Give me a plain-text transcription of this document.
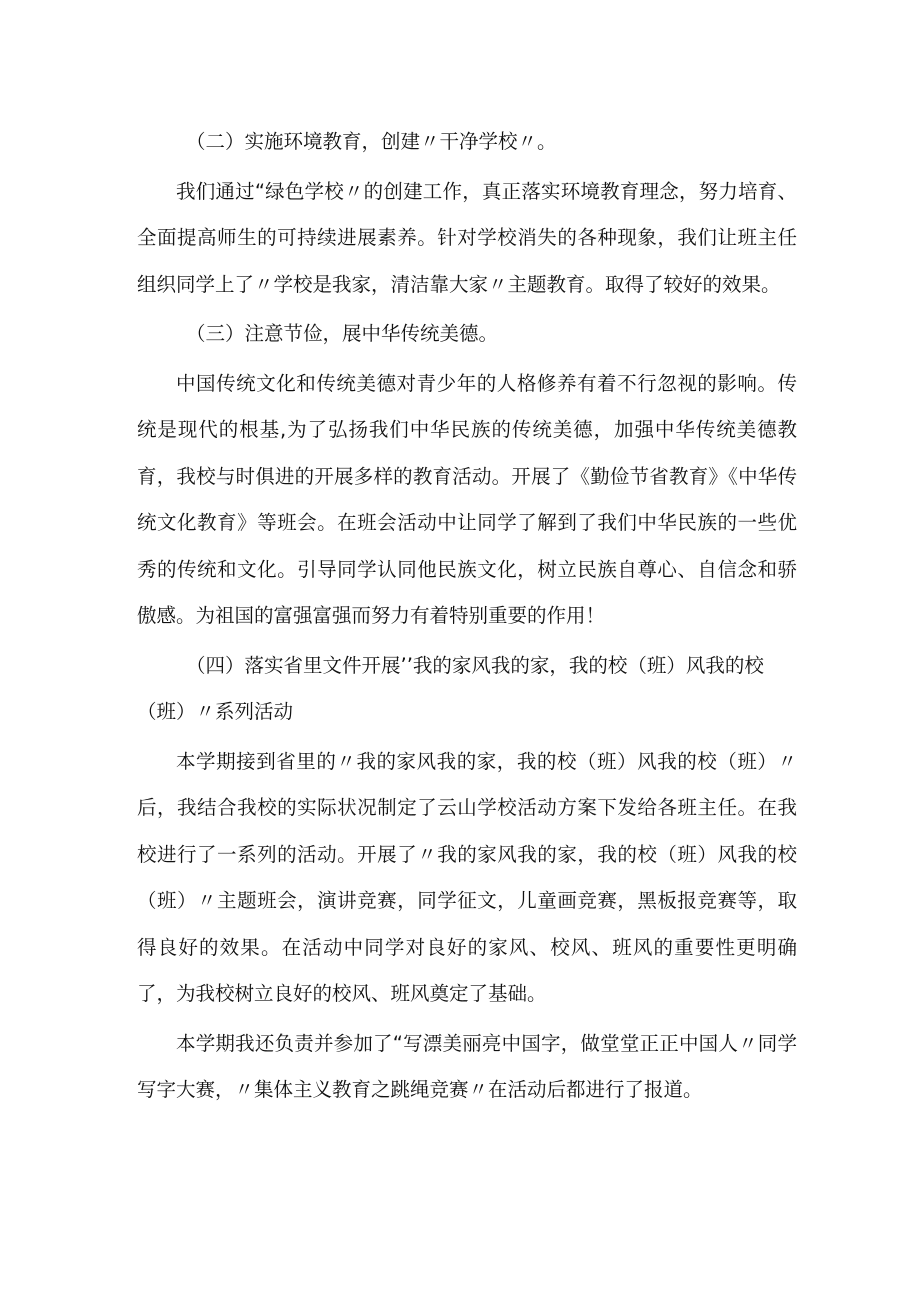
（二）实施环境教育，创建〃干净学校〃。

我们通过“绿色学校〃的创建工作，真正落实环境教育理念，努力培育、全面提高师生的可持续进展素养。针对学校消失的各种现象，我们让班主任组织同学上了〃学校是我家，清洁靠大家〃主题教育。取得了较好的效果。

（三）注意节俭，展中华传统美德。

中国传统文化和传统美德对青少年的人格修养有着不行忽视的影响。传统是现代的根基,为了弘扬我们中华民族的传统美德，加强中华传统美德教育，我校与时俱进的开展多样的教育活动。开展了《勤俭节省教育》《中华传统文化教育》等班会。在班会活动中让同学了解到了我们中华民族的一些优秀的传统和文化。引导同学认同他民族文化，树立民族自尊心、自信念和骄傲感。为祖国的富强富强而努力有着特别重要的作用！

（四）落实省里文件开展’’我的家风我的家，我的校（班）风我的校（班）〃系列活动

本学期接到省里的〃我的家风我的家，我的校（班）风我的校（班）〃后，我结合我校的实际状况制定了云山学校活动方案下发给各班主任。在我校进行了一系列的活动。开展了〃我的家风我的家，我的校（班）风我的校（班）〃主题班会，演讲竞赛，同学征文，儿童画竞赛，黑板报竞赛等，取得良好的效果。在活动中同学对良好的家风、校风、班风的重要性更明确了，为我校树立良好的校风、班风奠定了基础。

本学期我还负责并参加了“写漂美丽亮中国字，做堂堂正正中国人〃同学写字大赛，〃集体主义教育之跳绳竞赛〃在活动后都进行了报道。
